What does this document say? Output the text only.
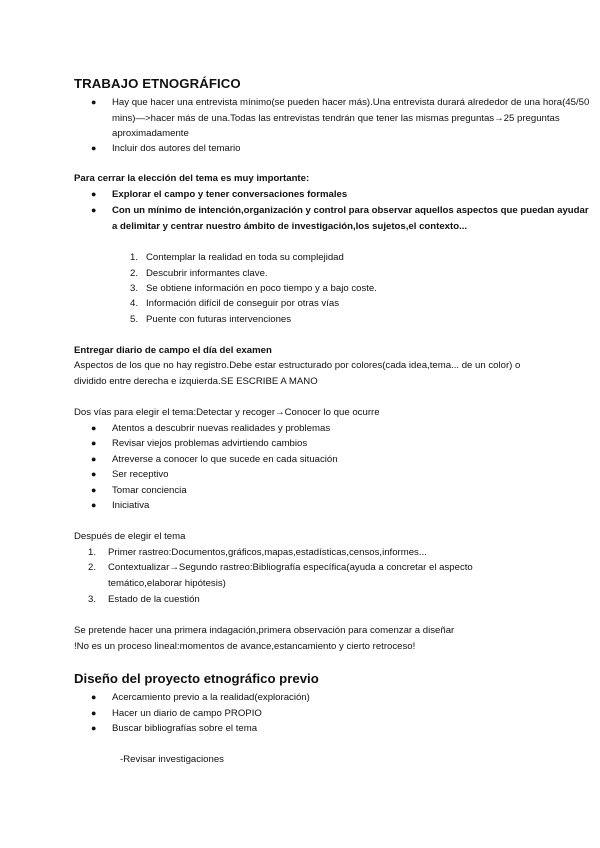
TRABAJO ETNOGRÁFICO
● Hay que hacer una entrevista mínimo(se pueden hacer más).Una entrevista durará alrededor de una hora(45/50 mins)—>hacer más de una.Todas las entrevistas tendrán que tener las mismas preguntas→25 preguntas aproximadamente
● Incluir dos autores del temario

Para cerrar la elección del tema es muy importante:

● Explorar el campo y tener conversaciones formales
● Con un mínimo de intención,organización y control para observar aquellos aspectos que puedan ayudar a delimitar y centrar nuestro ámbito de investigación,los sujetos,el contexto...
1. Contemplar la realidad en toda su complejidad
2. Descubrir informantes clave.
3. Se obtiene información en poco tiempo y a bajo coste.
4. Información difícil de conseguir por otras vías
5. Puente con futuras intervenciones

Entregar diario de campo el día del examen

Aspectos de los que no hay registro.Debe estar estructurado por colores(cada idea,tema... de un color) o dividido entre derecha e izquierda.SE ESCRIBE A MANO

Dos vías para elegir el tema:Detectar y recoger→Conocer lo que ocurre

● Atentos a descubrir nuevas realidades y problemas
● Revisar viejos problemas advirtiendo cambios
● Atreverse a conocer lo que sucede en cada situación
● Ser receptivo
● Tomar conciencia
● Iniciativa

Después de elegir el tema

1. Primer rastreo:Documentos,gráficos,mapas,estadísticas,censos,informes...
2. Contextualizar→Segundo rastreo:Bibliografía específica(ayuda a concretar el aspecto temático,elaborar hipótesis)
3. Estado de la cuestión

Se pretende hacer una primera indagación,primera observación para comenzar a diseñar

!No es un proceso lineal:momentos de avance,estancamiento y cierto retroceso!

Diseño del proyecto etnográfico previo
● Acercamiento previo a la realidad(exploración)
● Hacer un diario de campo PROPIO
● Buscar bibliografías sobre el tema

-Revisar investigaciones
